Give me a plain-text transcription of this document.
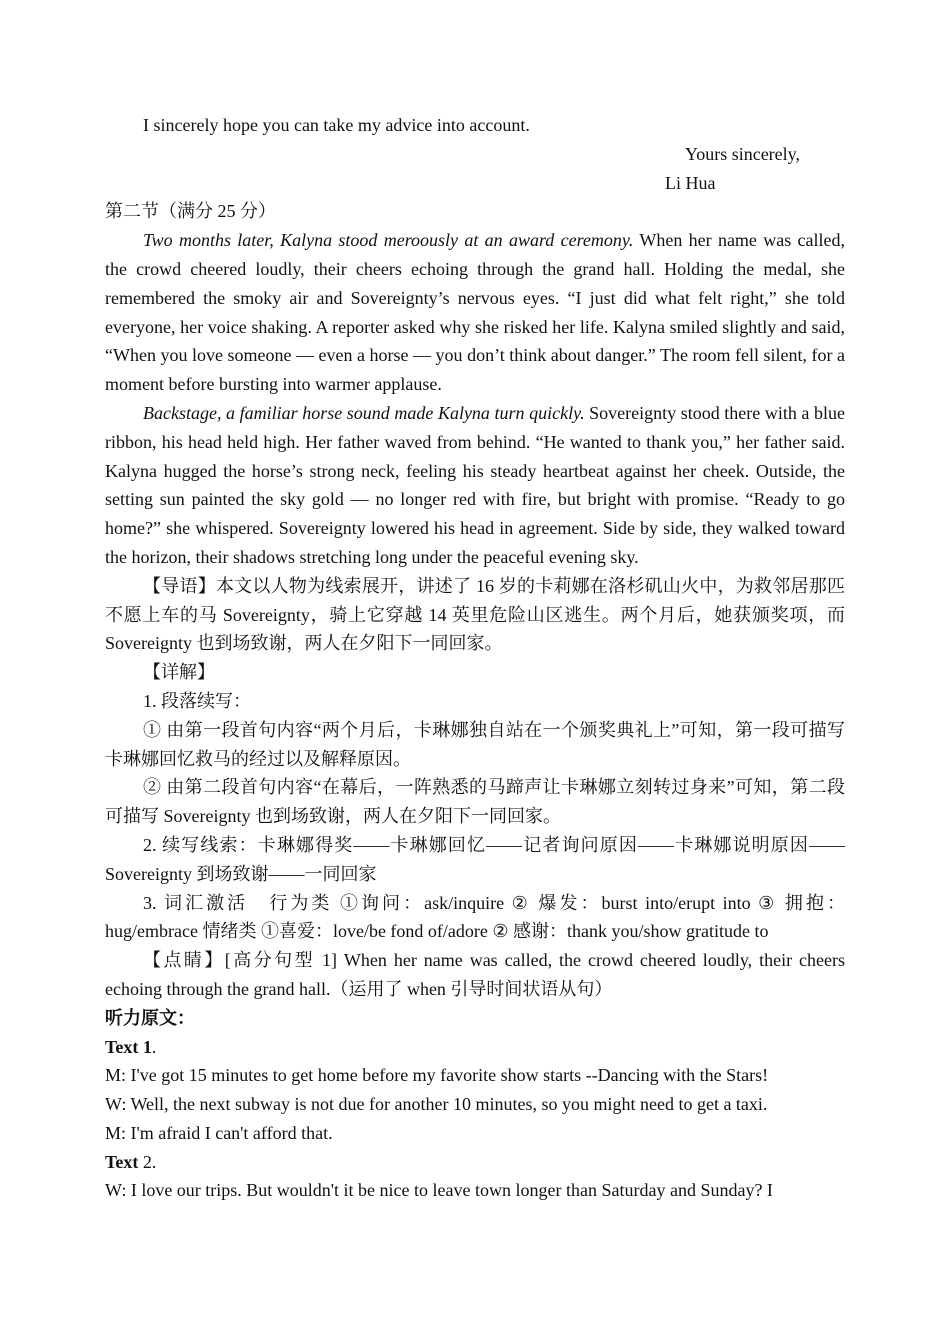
I sincerely hope you can take my advice into account.

Yours sincerely,

Li Hua

第二节（满分 25 分）

Two months later, Kalyna stood meroously at an award ceremony. When her name was called, the crowd cheered loudly, their cheers echoing through the grand hall. Holding the medal, she remembered the smoky air and Sovereignty’s nervous eyes. “I just did what felt right,” she told everyone, her voice shaking. A reporter asked why she risked her life. Kalyna smiled slightly and said, “When you love someone — even a horse — you don’t think about danger.” The room fell silent, for a moment before bursting into warmer applause.

Backstage, a familiar horse sound made Kalyna turn quickly. Sovereignty stood there with a blue ribbon, his head held high. Her father waved from behind. “He wanted to thank you,” her father said. Kalyna hugged the horse’s strong neck, feeling his steady heartbeat against her cheek. Outside, the setting sun painted the sky gold — no longer red with fire, but bright with promise. “Ready to go home?” she whispered. Sovereignty lowered his head in agreement. Side by side, they walked toward the horizon, their shadows stretching long under the peaceful evening sky.

【导语】本文以人物为线索展开，讲述了 16 岁的卡莉娜在洛杉矶山火中，为救邻居那匹不愿上车的马 Sovereignty，骑上它穿越 14 英里危险山区逃生。两个月后，她获颁奖项，而 Sovereignty 也到场致谢，两人在夕阳下一同回家。

【详解】

1. 段落续写：

① 由第一段首句内容“两个月后，卡琳娜独自站在一个颁奖典礼上”可知，第一段可描写卡琳娜回忆救马的经过以及解释原因。

② 由第二段首句内容“在幕后，一阵熟悉的马蹄声让卡琳娜立刻转过身来”可知，第二段可描写 Sovereignty 也到场致谢，两人在夕阳下一同回家。

2. 续写线索：卡琳娜得奖——卡琳娜回忆——记者询问原因——卡琳娜说明原因——Sovereignty 到场致谢——一同回家

3. 词汇激活　行为类 ①询问：ask/inquire ② 爆发：burst into/erupt into ③ 拥抱：hug/embrace 情绪类 ①喜爱：love/be fond of/adore ② 感谢：thank you/show gratitude to

【点睛】[高分句型 1] When her name was called, the crowd cheered loudly, their cheers echoing through the grand hall.（运用了 when 引导时间状语从句）

听力原文：

Text 1.

M: I've got 15 minutes to get home before my favorite show starts --Dancing with the Stars!

W: Well, the next subway is not due for another 10 minutes, so you might need to get a taxi.

M: I'm afraid I can't afford that.

Text 2.

W: I love our trips. But wouldn't it be nice to leave town longer than Saturday and Sunday? I
